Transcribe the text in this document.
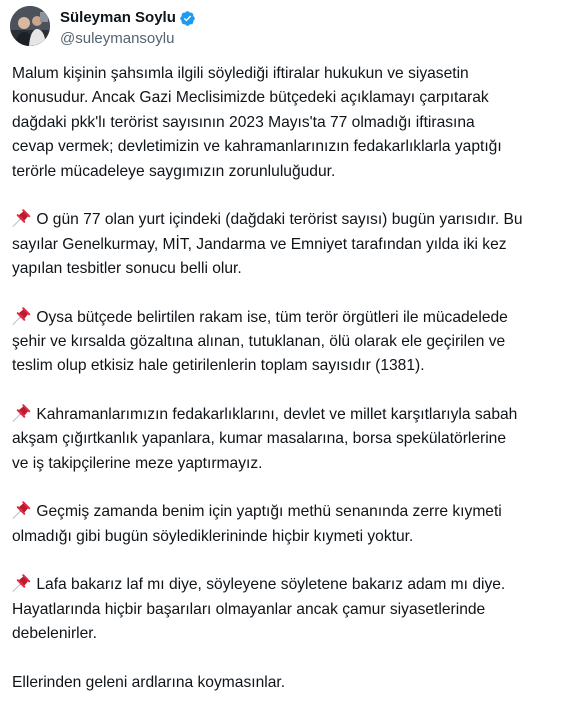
Süleyman Soylu
@suleymansoylu
Malum kişinin şahsımla ilgili söylediği iftiralar hukukun ve siyasetin
konusudur. Ancak Gazi Meclisimizde bütçedeki açıklamayı çarpıtarak
dağdaki pkk'lı terörist sayısının 2023 Mayıs'ta 77 olmadığı iftirasına
cevap vermek; devletimizin ve kahramanlarınızın fedakarlıklarla yaptığı
terörle mücadeleye saygımızın zorunluluğudur.
O gün 77 olan yurt içindeki (dağdaki terörist sayısı) bugün yarısıdır. Bu
sayılar Genelkurmay, MİT, Jandarma ve Emniyet tarafından yılda iki kez
yapılan tesbitler sonucu belli olur.
Oysa bütçede belirtilen rakam ise, tüm terör örgütleri ile mücadelede
şehir ve kırsalda gözaltına alınan, tutuklanan, ölü olarak ele geçirilen ve
teslim olup etkisiz hale getirilenlerin toplam sayısıdır (1381).
Kahramanlarımızın fedakarlıklarını, devlet ve millet karşıtlarıyla sabah
akşam çığırtkanlık yapanlara, kumar masalarına, borsa spekülatörlerine
ve iş takipçilerine meze yaptırmayız.
Geçmiş zamanda benim için yaptığı methü senanında zerre kıymeti
olmadığı gibi bugün söylediklerininde hiçbir kıymeti yoktur.
Lafa bakarız laf mı diye, söyleyene söyletene bakarız adam mı diye.
Hayatlarında hiçbir başarıları olmayanlar ancak çamur siyasetlerinde
debelenirler.
Ellerinden geleni ardlarına koymasınlar.
